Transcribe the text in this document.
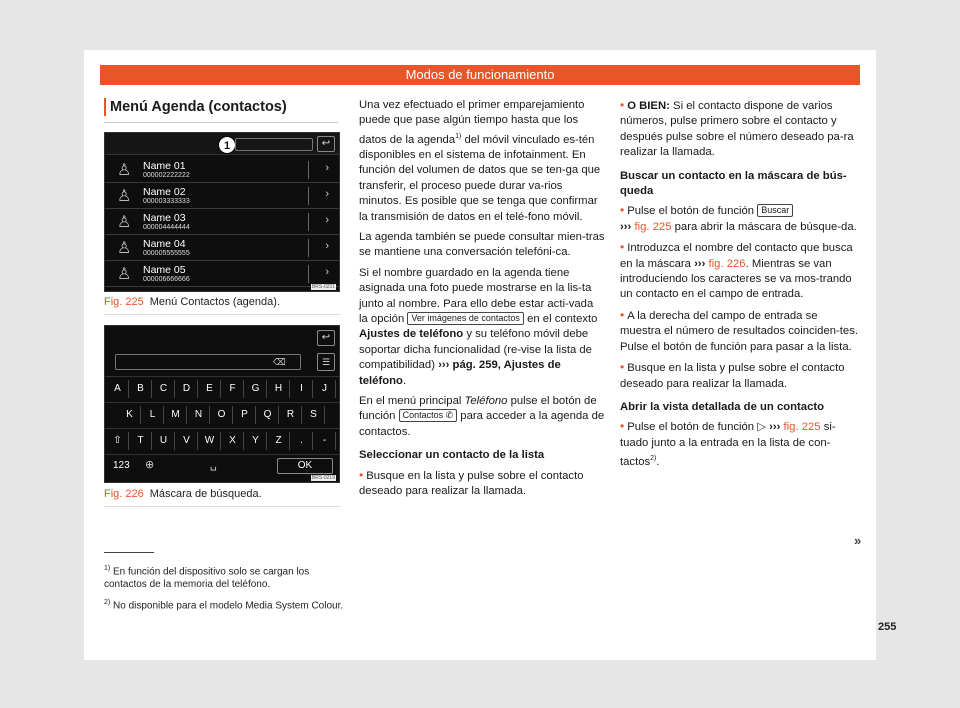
Modos de funcionamiento
Menú Agenda (contactos)
1	↩
♙ Name 01
000002222222
›
♙ Name 02
000003333333
›
♙ Name 03
000004444444
›
♙ Name 04
000005555555
›
♙ Name 05
000006666666
›
BRS-0231
Fig. 225 Menú Contactos (agenda).
↩
⌫	☰
A	B	C	D	E	F	G	H	I	J
K	L	M	N	O	P	Q	R	S
⇧	T	U	V	W	X	Y	Z	.	-
123 ⊕	␣	OK
BRS-0219
Fig. 226 Máscara de búsqueda.

Una vez efectuado el primer emparejamiento puede que pase algún tiempo hasta que los datos de la agenda$^{1)}$ del móvil vinculado es-tén disponibles en el sistema de infotainment. En función del volumen de datos que se ten-ga que transferir, el proceso puede durar va-rios minutos. Es posible que se tenga que confirmar la transmisión de datos en el telé-fono móvil.

La agenda también se puede consultar mien-tras se mantiene una conversación telefóni-ca.

Si el nombre guardado en la agenda tiene asignada una foto puede mostrarse en la lis-ta junto al nombre. Para ello debe estar acti-vada la opción Ver imágenes de contactos en el contexto Ajustes de teléfono y su teléfono móvil debe soportar dicha funcionalidad (re-vise la lista de compatibilidad) ››› pág. 259, Ajustes de teléfono.

En el menú principal Teléfono pulse el botón de función Contactos ✆ para acceder a la agenda de contactos.

Seleccionar un contacto de la lista

• Busque en la lista y pulse sobre el contacto deseado para realizar la llamada.

• O BIEN: Si el contacto dispone de varios números, pulse primero sobre el contacto y después pulse sobre el número deseado pa-ra realizar la llamada.

Buscar un contacto en la máscara de bús-queda

• Pulse el botón de función Buscar
››› fig. 225 para abrir la máscara de búsque-da.

• Introduzca el nombre del contacto que busca en la máscara ››› fig. 226. Mientras se van introduciendo los caracteres se va mos-trando un contacto en el campo de entrada.

• A la derecha del campo de entrada se muestra el número de resultados coinciden-tes. Pulse el botón de función para pasar a la lista.

• Busque en la lista y pulse sobre el contacto deseado para realizar la llamada.

Abrir la vista detallada de un contacto

• Pulse el botón de función ▷ ››› fig. 225 si-tuado junto a la entrada en la lista de con-tactos$^{2)}$.

»

$^{1)}$ En función del dispositivo solo se cargan los contactos de la memoria del teléfono.

$^{2)}$ No disponible para el modelo Media System Colour.

255
